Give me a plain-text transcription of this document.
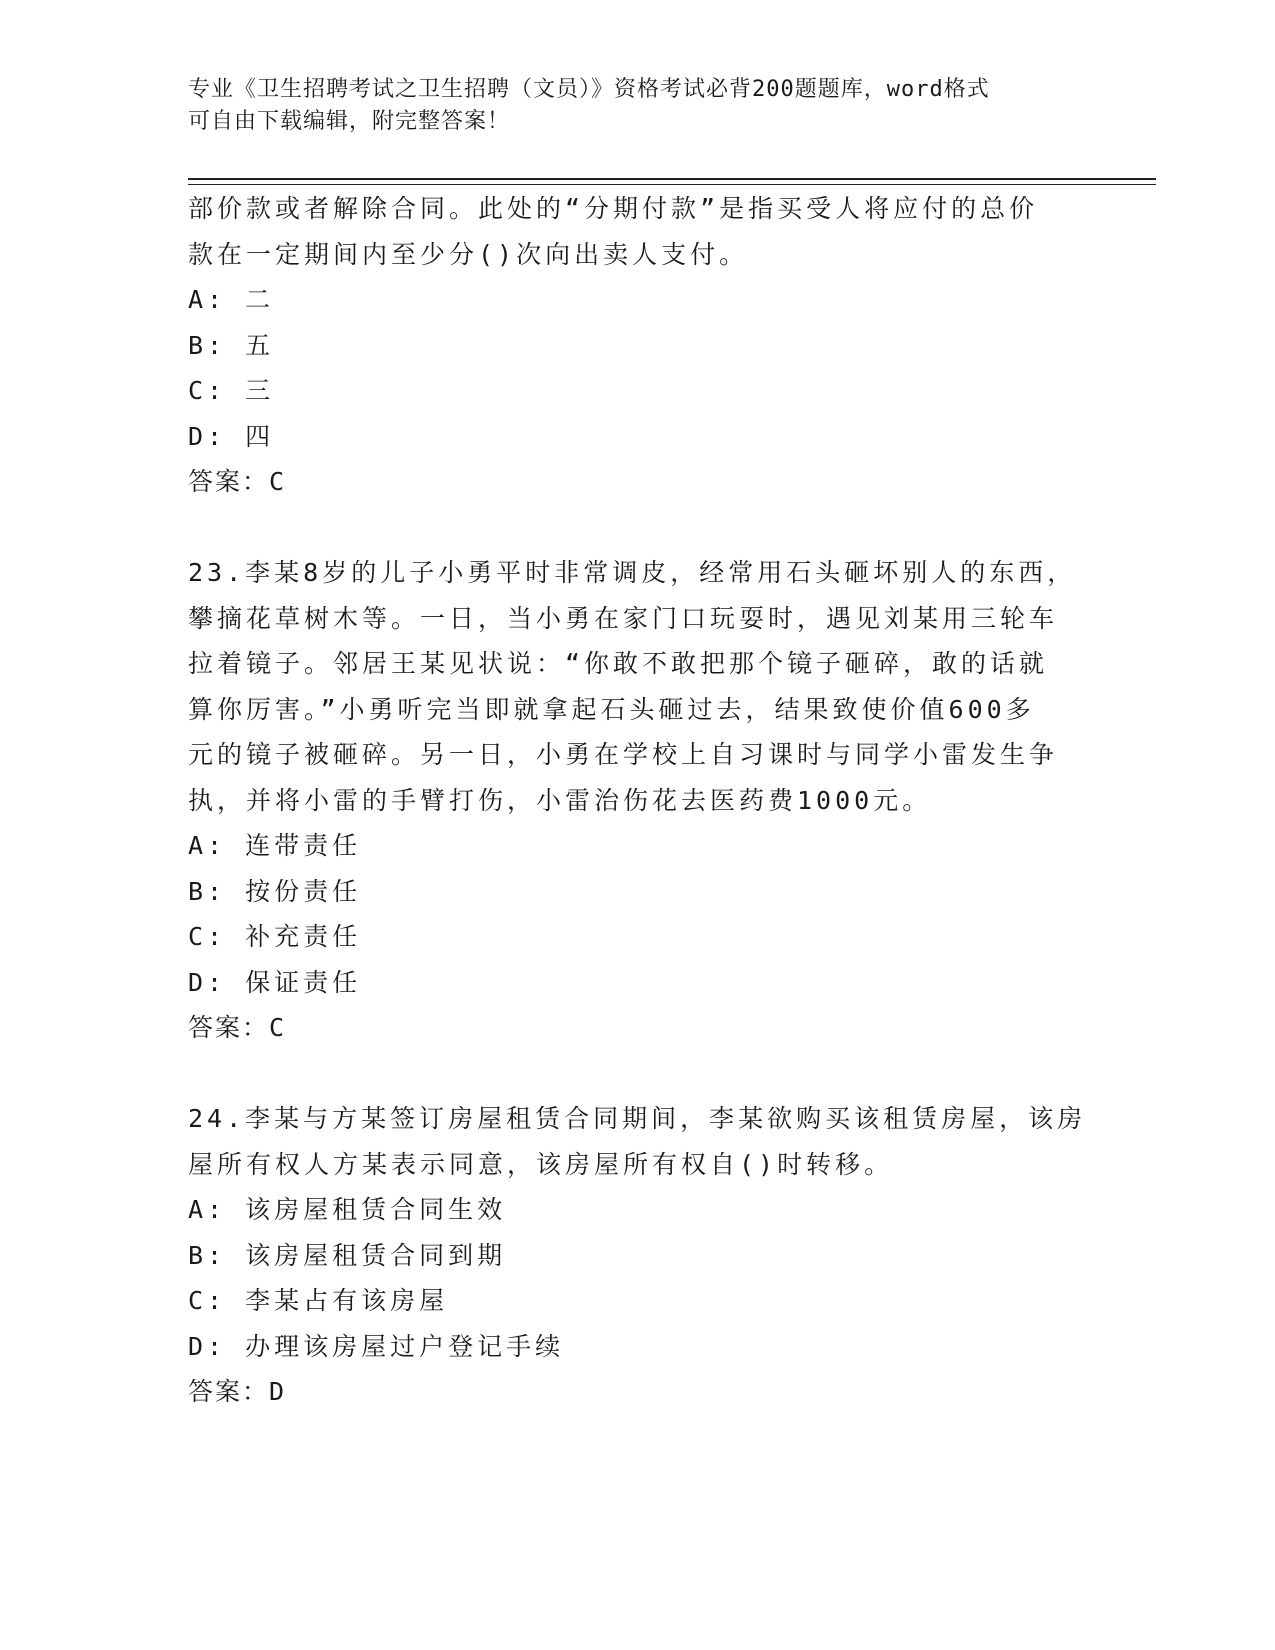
专业《卫生招聘考试之卫生招聘（文员）》资格考试必背200题题库，word格式
可自由下载编辑，附完整答案！
部价款或者解除合同。此处的“分期付款”是指买受人将应付的总价
款在一定期间内至少分()次向出卖人支付。
A: 二
B: 五
C: 三
D: 四
答案：C
23.李某8岁的儿子小勇平时非常调皮，经常用石头砸坏别人的东西，
攀摘花草树木等。一日，当小勇在家门口玩耍时，遇见刘某用三轮车
拉着镜子。邻居王某见状说：“你敢不敢把那个镜子砸碎，敢的话就
算你厉害。”小勇听完当即就拿起石头砸过去，结果致使价值600多
元的镜子被砸碎。另一日，小勇在学校上自习课时与同学小雷发生争
执，并将小雷的手臂打伤，小雷治伤花去医药费1000元。
A: 连带责任
B: 按份责任
C: 补充责任
D: 保证责任
答案：C
24.李某与方某签订房屋租赁合同期间，李某欲购买该租赁房屋，该房
屋所有权人方某表示同意，该房屋所有权自()时转移。
A: 该房屋租赁合同生效
B: 该房屋租赁合同到期
C: 李某占有该房屋
D: 办理该房屋过户登记手续
答案：D
